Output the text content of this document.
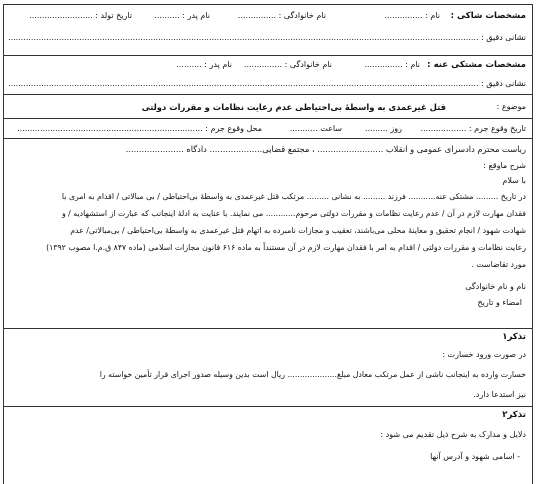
مشخصات شاکی :
نام : ...............
نام خانوادگی : ...............
نام پدر : ..........
تاریخ تولد : .........................
نشانی دقیق : .........................................................................................................................................................................................
مشخصات مشتکی عنه :
نام : ...............
نام خانوادگی : ...............
نام پدر : ..........
نشانی دقیق : .........................................................................................................................................................................................
موضوع :
قتل غیرعمدی به واسطهٔ بی‌احتیاطی عدم رعایت نظامات و مقررات دولتی
تاریخ وقوع جرم : ..................
روز .........
ساعت ...........
محل وقوع جرم : .........................................................................
ریاست محترم دادسرای عمومی و انقلاب ......................... ، مجتمع قضایی.................... دادگاه ......................
شرح ماوقع :
با سلام
در تاریخ ......... مشتکی عنه........... فرزند ......... به نشانی ......... مرتکب قتل غیرعمدی به واسطهٔ بی‌احتیاطی / بی مبالاتی / اقدام به امری با
فقدان مهارت لازم در آن / عدم رعایت نظامات و مقررات دولتی مرحوم............ می نمایند. با عنایت به ادلهٔ اینجانب که عبارت از استشهادیه / و
شهادت شهود / انجام تحقیق و معاینهٔ محلی می‌باشند، تعقیب و مجازات نامبرده به اتهام قتل غیرعمدی به واسطهٔ بی‌احتیاطی / بی‌مبالاتی/ عدم
رعایت نظامات و مقررات دولتی / اقدام به امر با فقدان مهارت لازم در آن مستنداً به ماده ۶۱۶ قانون مجازات اسلامی (ماده ۸۴۷ ق.م.ا مصوب ۱۳۹۲)
مورد تقاضاست .
نام و نام خانوادگی
امضاء و تاریخ
تذکر۱
در صورت ورود خسارت :
خسارت وارده به اینجانب ناشی از عمل مرتکب معادل مبلغ.................... ریال است بدین وسیله صدور اجرای قرار تأمین خواسته را
نیز استدعا دارد.
تذکر۲
دلایل و مدارک به شرح ذیل تقدیم می شود :
- اسامی شهود و آدرس آنها
